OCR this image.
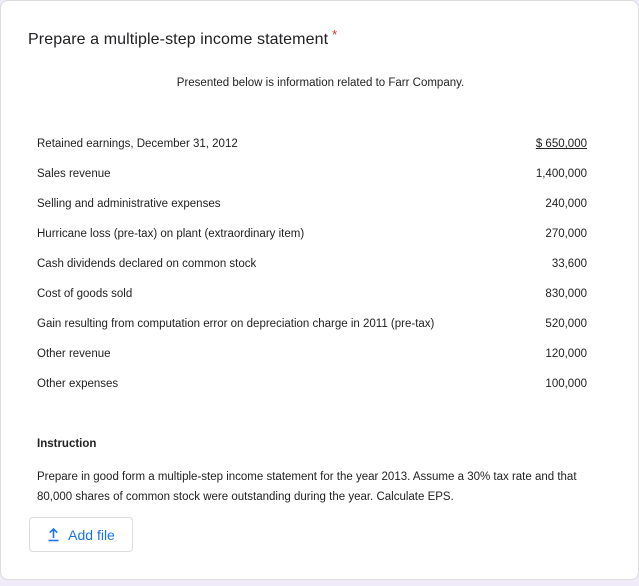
Prepare a multiple-step income statement *
Presented below is information related to Farr Company.
Retained earnings, December 31, 2012	$ 650,000
Sales revenue	1,400,000
Selling and administrative expenses	240,000
Hurricane loss (pre-tax) on plant (extraordinary item)	270,000
Cash dividends declared on common stock	33,600
Cost of goods sold	830,000
Gain resulting from computation error on depreciation charge in 2011 (pre-tax)	520,000
Other revenue	120,000
Other expenses	100,000
Instruction
Prepare in good form a multiple-step income statement for the year 2013. Assume a 30% tax rate and that 80,000 shares of common stock were outstanding during the year. Calculate EPS.
Add file
